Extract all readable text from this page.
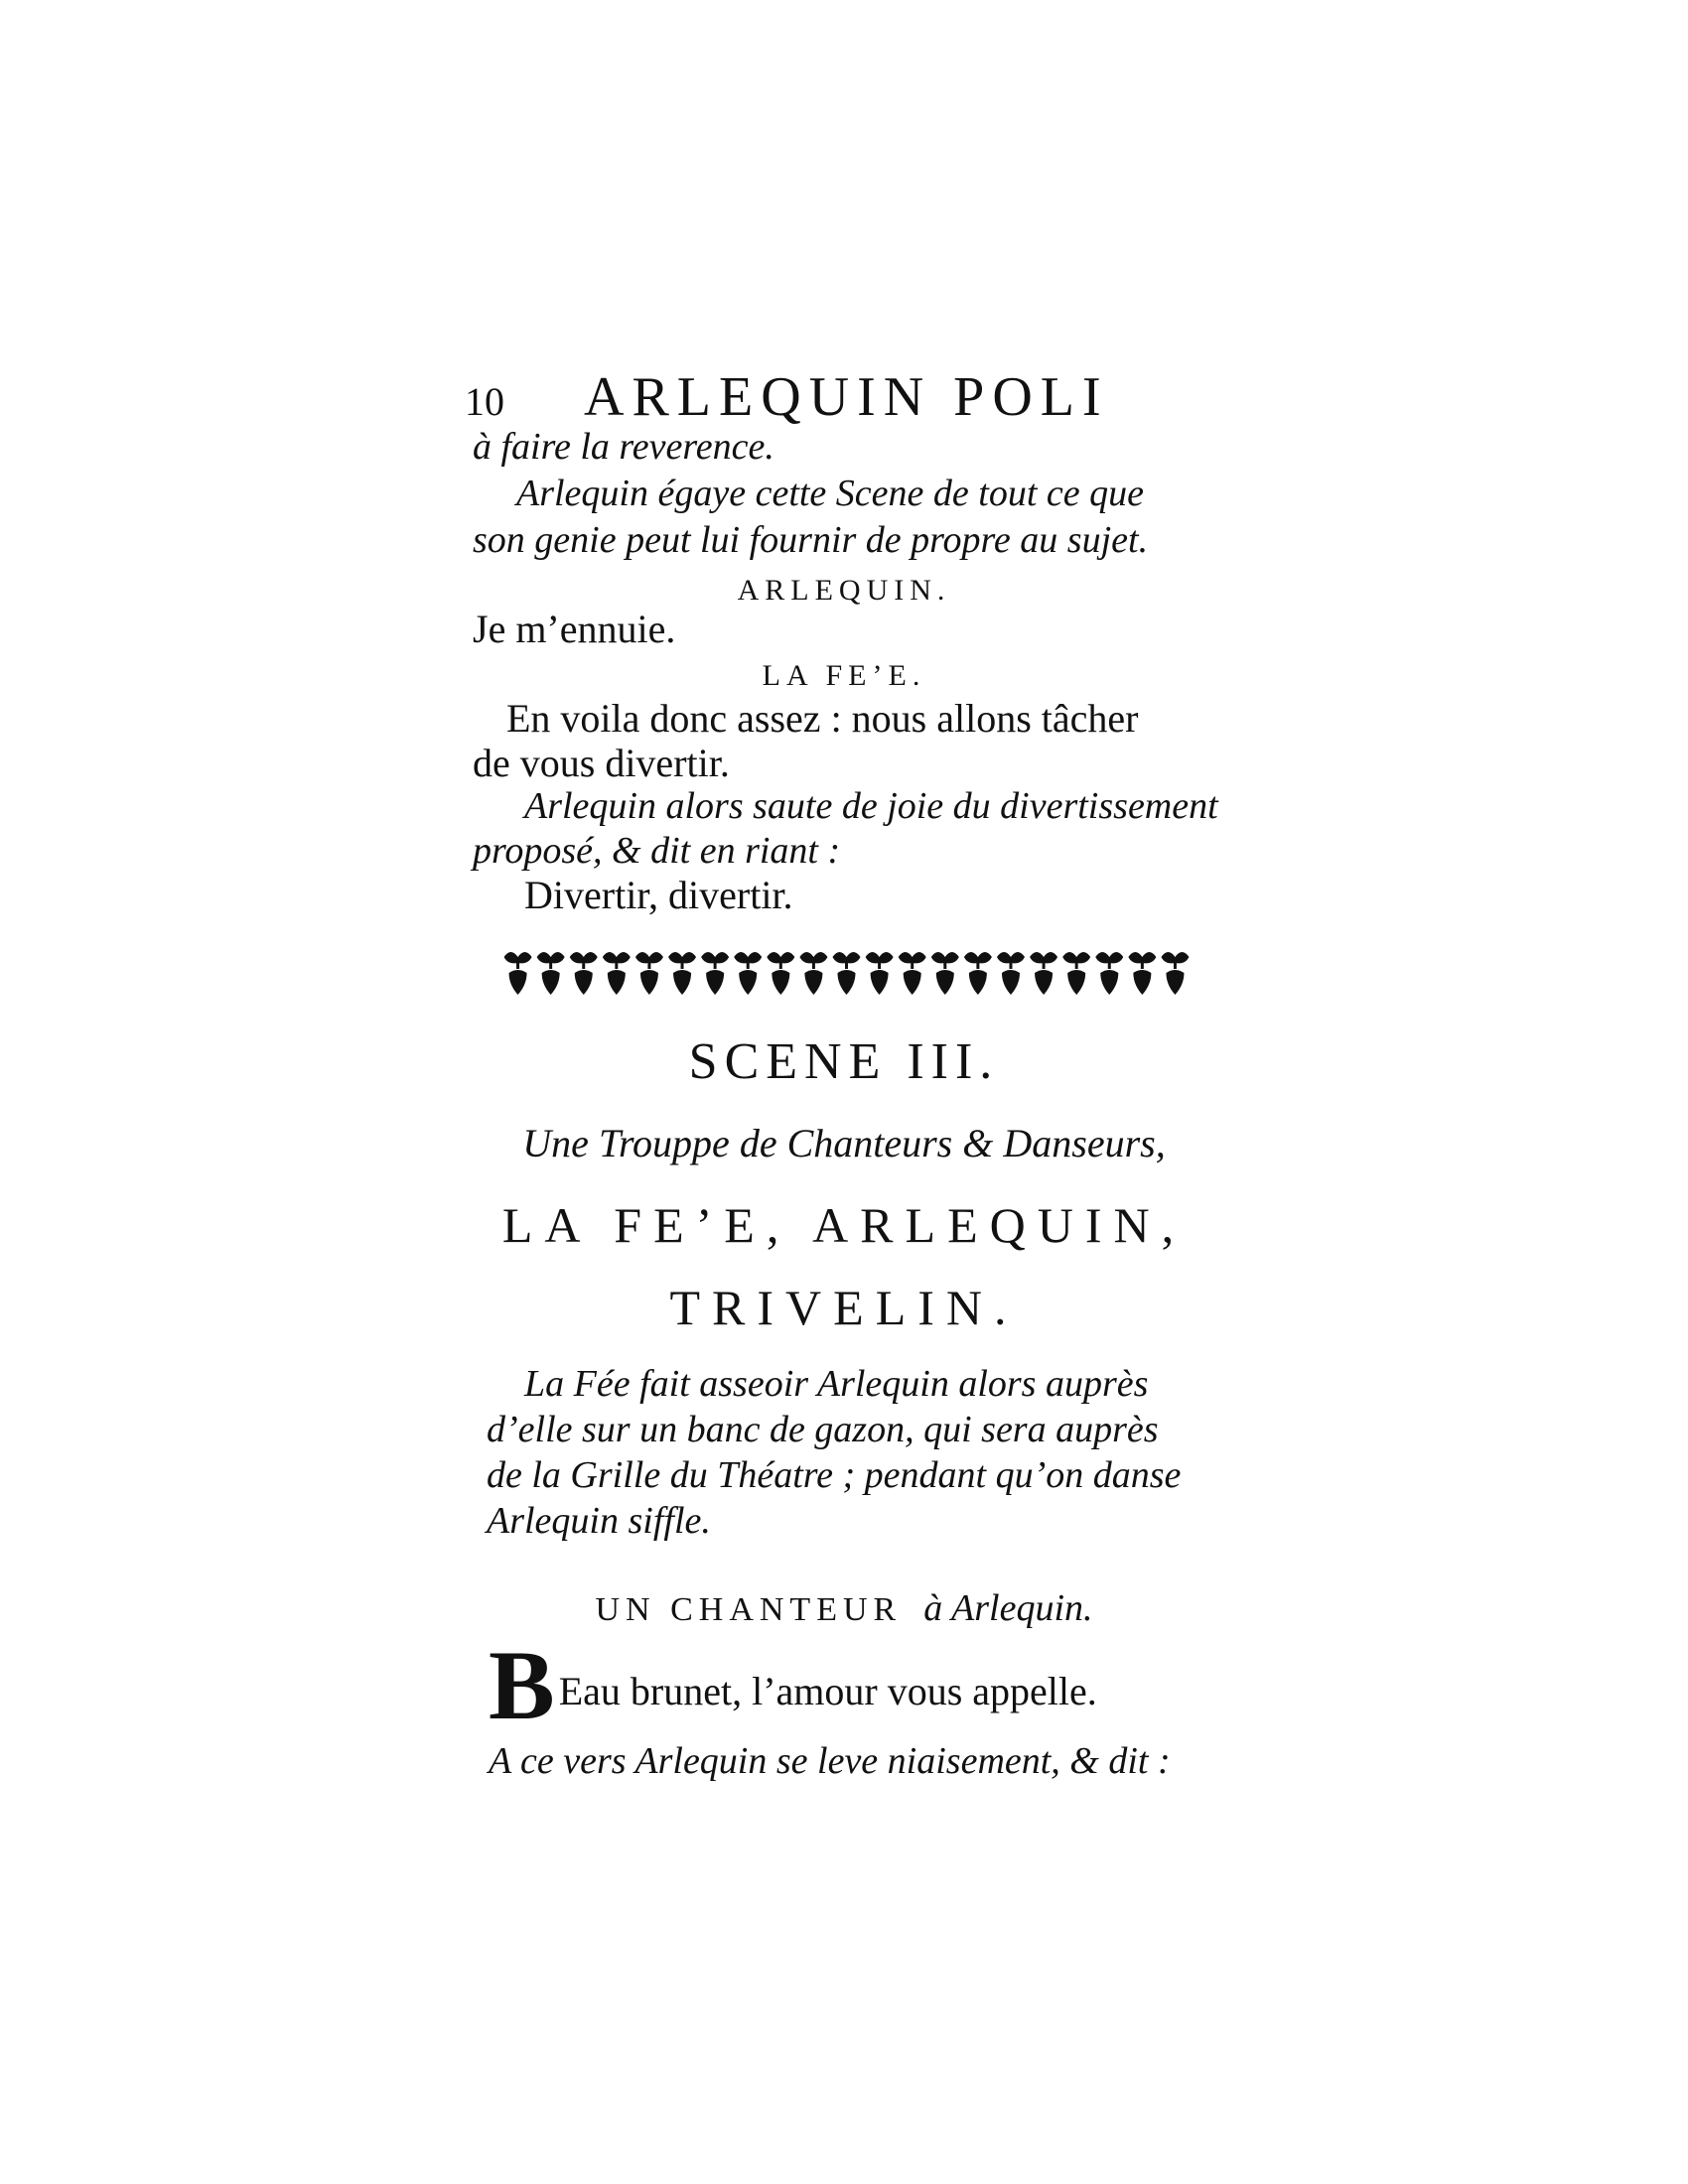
10 ARLEQUIN POLI
à faire la reverence.
Arlequin égaye cette Scene de tout ce que
son genie peut lui fournir de propre au sujet.
ARLEQUIN.
Je m’ennuie.
LA FE’E.
En voila donc assez : nous allons tâcher
de vous divertir.
Arlequin alors saute de joie du divertissement
proposé, & dit en riant :
Divertir, divertir.
SCENE III.
Une Trouppe de Chanteurs & Danseurs,
LA FE’E, ARLEQUIN,
TRIVELIN.
La Fée fait asseoir Arlequin alors auprès
d’elle sur un banc de gazon, qui sera auprès
de la Grille du Théatre ; pendant qu’on danse
Arlequin siffle.
UN CHANTEUR à Arlequin.
B Eau brunet, l’amour vous appelle.
A ce vers Arlequin se leve niaisement, & dit :
